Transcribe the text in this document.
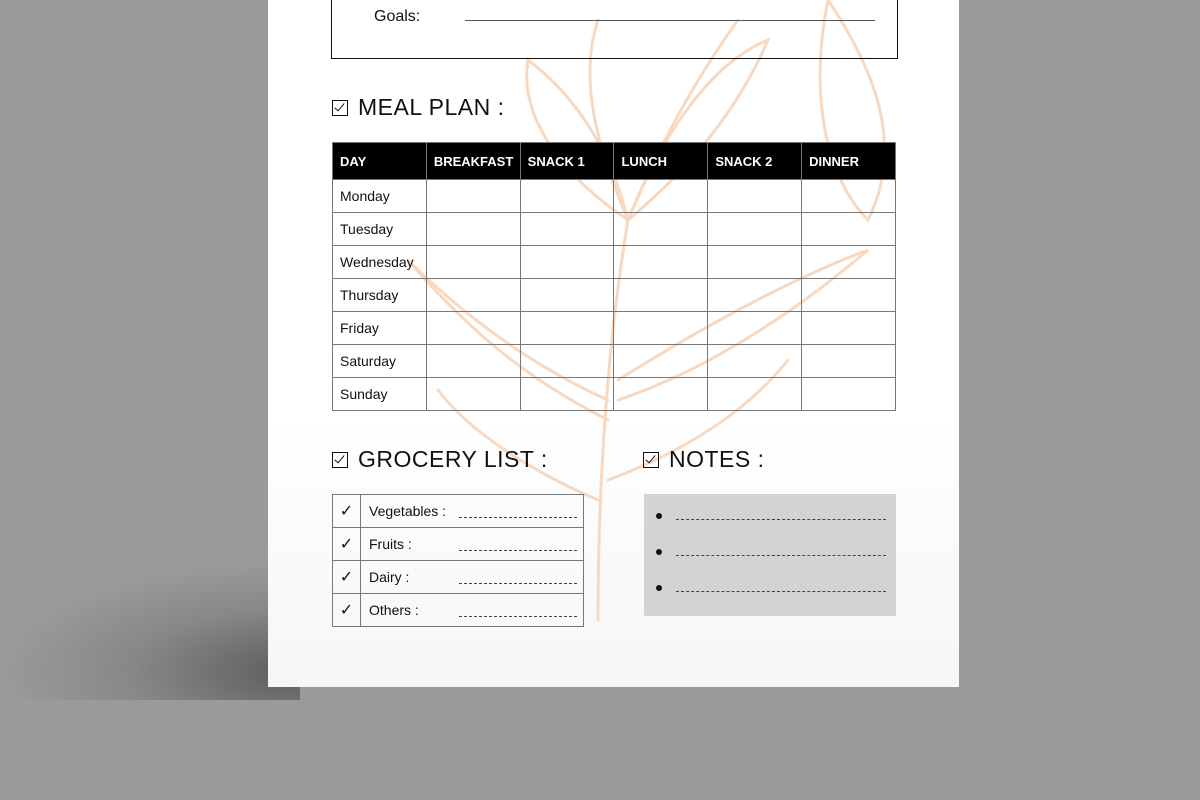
Goals:
MEAL PLAN :
DAY	BREAKFAST	SNACK 1	LUNCH	SNACK 2	DINNER
Monday					
Tuesday					
Wednesday					
Thursday					
Friday					
Saturday					
Sunday					
GROCERY LIST :	NOTES :
✓	Vegetables :

✓	Fruits :

✓	Dairy :

✓	Others :
